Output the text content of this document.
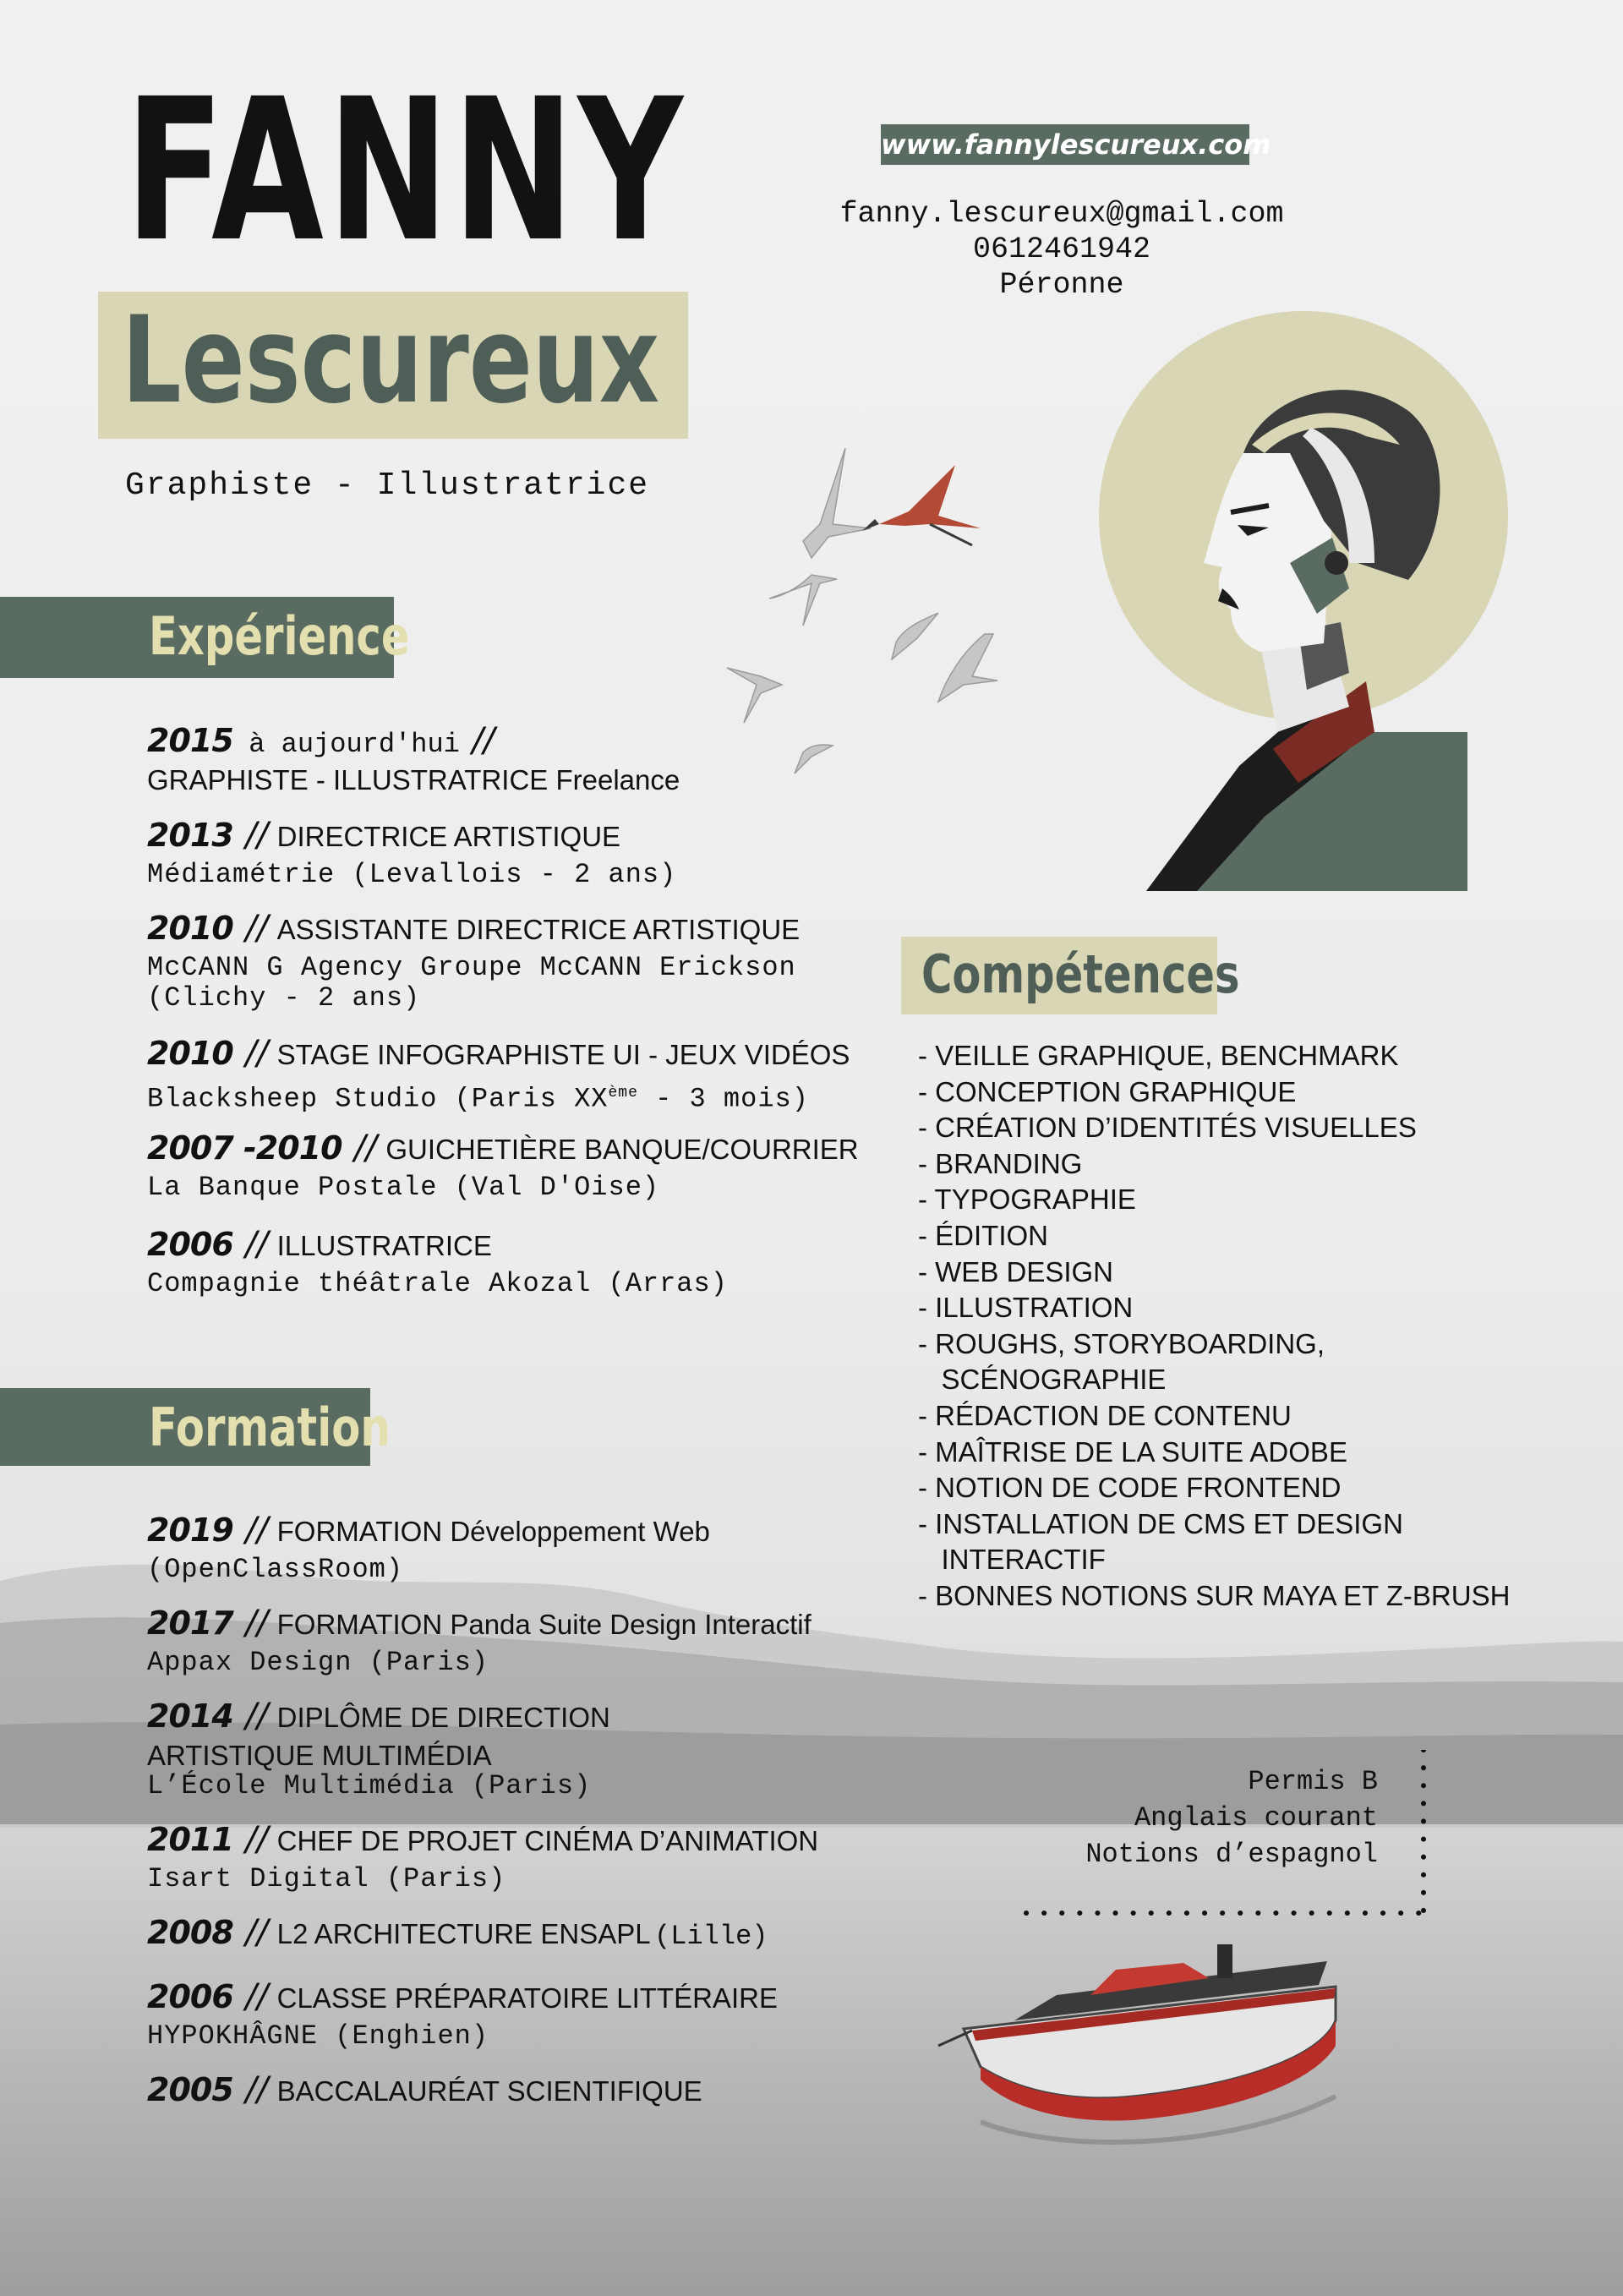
FANNY
Lescureux
Graphiste - Illustratrice
www.fannylescureux.com
fanny.lescureux@gmail.com
0612461942
Péronne
Expérience
2015 à aujourd'hui //
GRAPHISTE - ILLUSTRATRICE Freelance
2013 // DIRECTRICE ARTISTIQUE
Médiamétrie (Levallois - 2 ans)
2010 // ASSISTANTE DIRECTRICE ARTISTIQUE
McCANN G Agency Groupe McCANN Erickson
(Clichy - 2 ans)
2010 // STAGE INFOGRAPHISTE UI - JEUX VIDÉOS
Blacksheep Studio (Paris XXème - 3 mois)
2007 -2010 // GUICHETIÈRE BANQUE/COURRIER
La Banque Postale (Val D'Oise)
2006 // ILLUSTRATRICE
Compagnie théâtrale Akozal (Arras)
Formation
2019 // FORMATION Développement Web
(OpenClassRoom)
2017 // FORMATION Panda Suite Design Interactif
Appax Design (Paris)
2014 // DIPLÔME DE DIRECTION
ARTISTIQUE MULTIMÉDIA
L’École Multimédia (Paris)
2011 // CHEF DE PROJET CINÉMA D’ANIMATION
Isart Digital (Paris)
2008 // L2 ARCHITECTURE ENSAPL (Lille)
2006 // CLASSE PRÉPARATOIRE LITTÉRAIRE
HYPOKHÂGNE (Enghien)
2005 // BACCALAURÉAT SCIENTIFIQUE
Compétences
- VEILLE GRAPHIQUE, BENCHMARK
- CONCEPTION GRAPHIQUE
- CRÉATION D’IDENTITÉS VISUELLES
- BRANDING
- TYPOGRAPHIE
- ÉDITION
- WEB DESIGN
- ILLUSTRATION
- ROUGHS, STORYBOARDING,
SCÉNOGRAPHIE
- RÉDACTION DE CONTENU
- MAÎTRISE DE LA SUITE ADOBE
- NOTION DE CODE FRONTEND
- INSTALLATION DE CMS ET DESIGN
INTERACTIF
- BONNES NOTIONS SUR MAYA ET Z-BRUSH
Permis B
Anglais courant
Notions d’espagnol
